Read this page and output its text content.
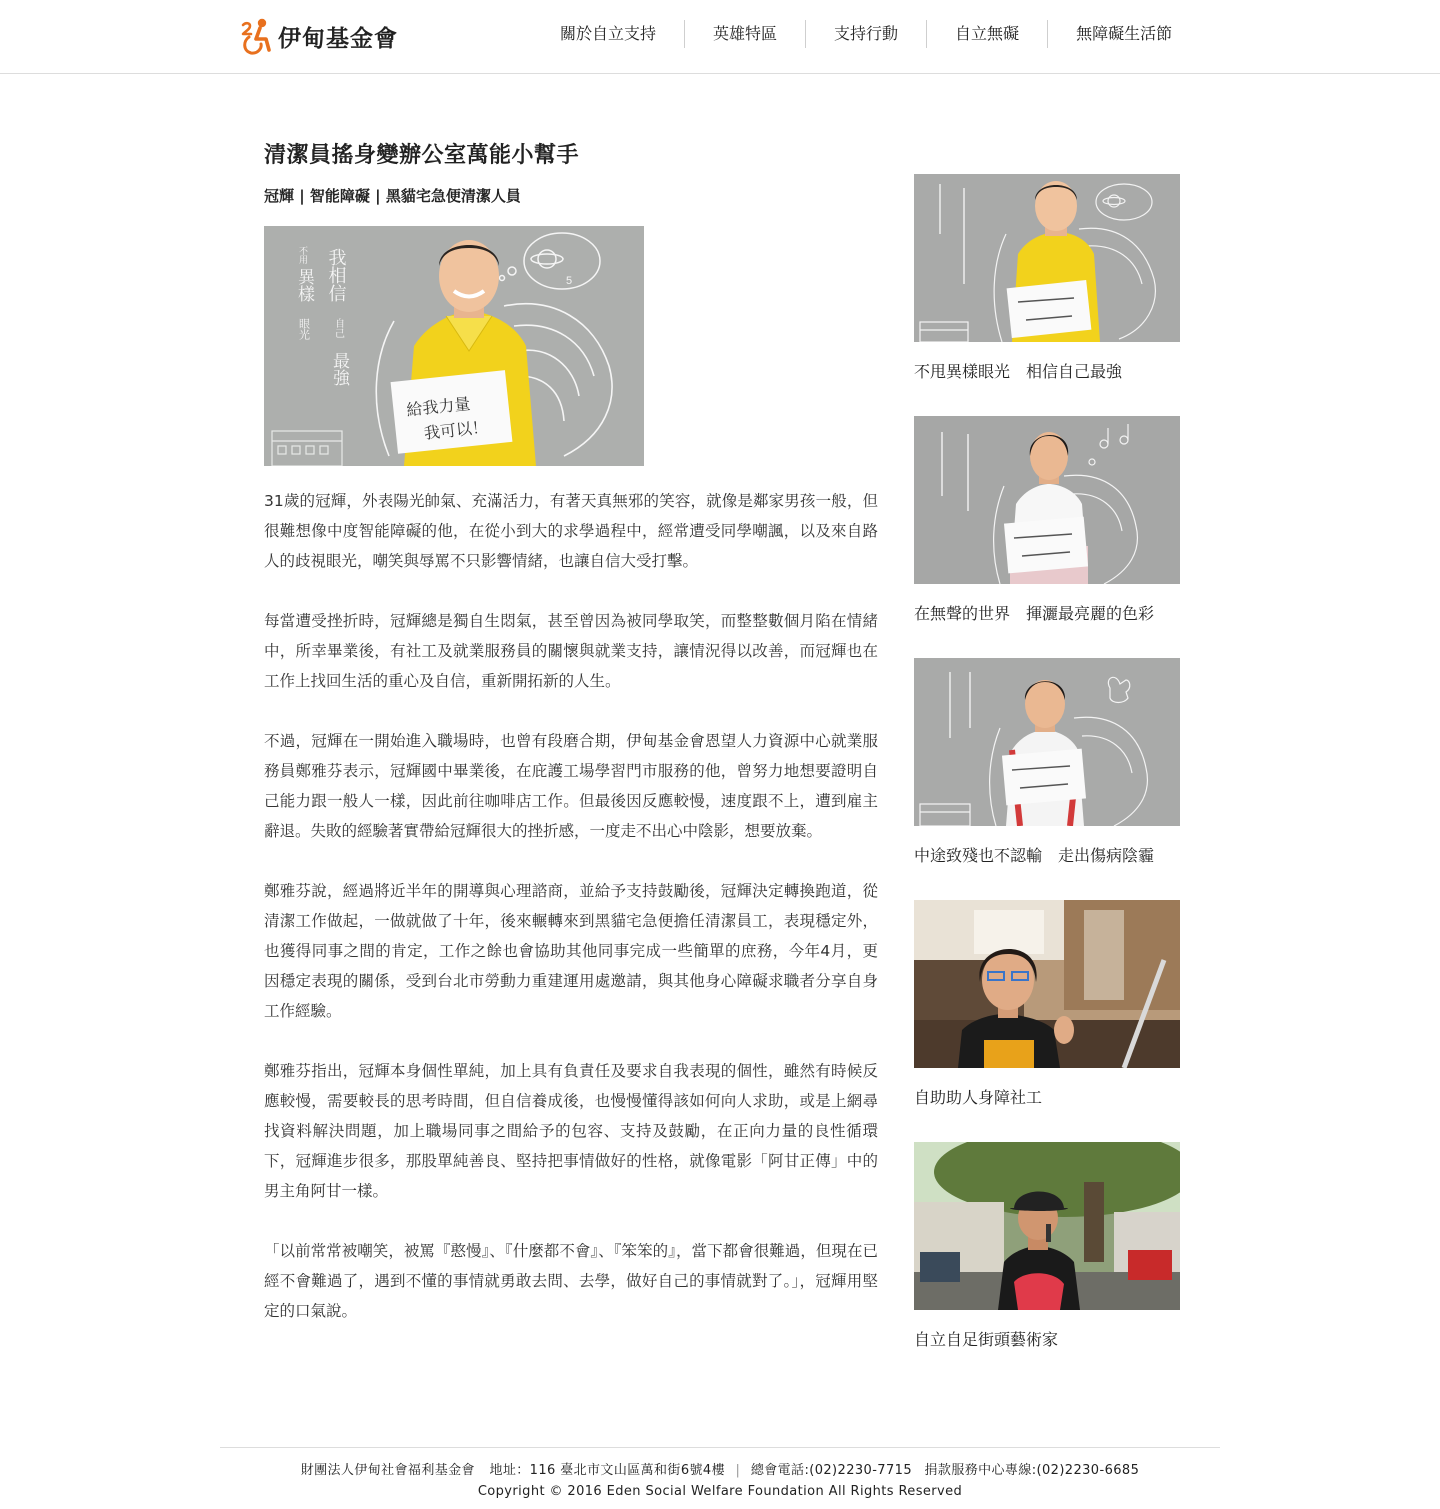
伊甸基金會	關於自立支持	英雄特區	支持行動	自立無礙	無障礙生活節
清潔員搖身變辦公室萬能小幫手
冠輝 | 智能障礙 | 黑貓宅急便清潔人員
5
給我力量
我可以！
不用
異樣
眼光
我相信
自己
最強

31歲的冠輝，外表陽光帥氣、充滿活力，有著天真無邪的笑容，就像是鄰家男孩一般，但很難想像中度智能障礙的他，在從小到大的求學過程中，經常遭受同學嘲諷，以及來自路人的歧視眼光，嘲笑與辱罵不只影響情緒，也讓自信大受打擊。

每當遭受挫折時，冠輝總是獨自生悶氣，甚至曾因為被同學取笑，而整整數個月陷在情緒中，所幸畢業後，有社工及就業服務員的關懷與就業支持，讓情況得以改善，而冠輝也在工作上找回生活的重心及自信，重新開拓新的人生。

不過，冠輝在一開始進入職場時，也曾有段磨合期，伊甸基金會恩望人力資源中心就業服務員鄭雅芬表示，冠輝國中畢業後，在庇護工場學習門市服務的他，曾努力地想要證明自己能力跟一般人一樣，因此前往咖啡店工作。但最後因反應較慢，速度跟不上，遭到雇主辭退。失敗的經驗著實帶給冠輝很大的挫折感，一度走不出心中陰影，想要放棄。

鄭雅芬說，經過將近半年的開導與心理諮商，並給予支持鼓勵後，冠輝決定轉換跑道，從清潔工作做起，一做就做了十年，後來輾轉來到黑貓宅急便擔任清潔員工，表現穩定外，也獲得同事之間的肯定，工作之餘也會協助其他同事完成一些簡單的庶務，今年4月，更因穩定表現的關係，受到台北市勞動力重建運用處邀請，與其他身心障礙求職者分享自身工作經驗。

鄭雅芬指出，冠輝本身個性單純，加上具有負責任及要求自我表現的個性，雖然有時候反應較慢，需要較長的思考時間，但自信養成後，也慢慢懂得該如何向人求助，或是上網尋找資料解決問題，加上職場同事之間給予的包容、支持及鼓勵，在正向力量的良性循環下，冠輝進步很多，那股單純善良、堅持把事情做好的性格，就像電影「阿甘正傳」中的男主角阿甘一樣。

「以前常常被嘲笑，被罵『憨慢』、『什麼都不會』、『笨笨的』，當下都會很難過，但現在已經不會難過了，遇到不懂的事情就勇敢去問、去學，做好自己的事情就對了。」，冠輝用堅定的口氣說。

不甩異樣眼光　相信自己最強
在無聲的世界　揮灑最亮麗的色彩
中途致殘也不認輸　走出傷病陰霾
自助助人身障社工
自立自足街頭藝術家
財團法人伊甸社會福利基金會 地址：116 臺北市文山區萬和街6號4樓 | 總會電話:(02)2230-7715 捐款服務中心專線:(02)2230-6685
Copyright © 2016 Eden Social Welfare Foundation All Rights Reserved
